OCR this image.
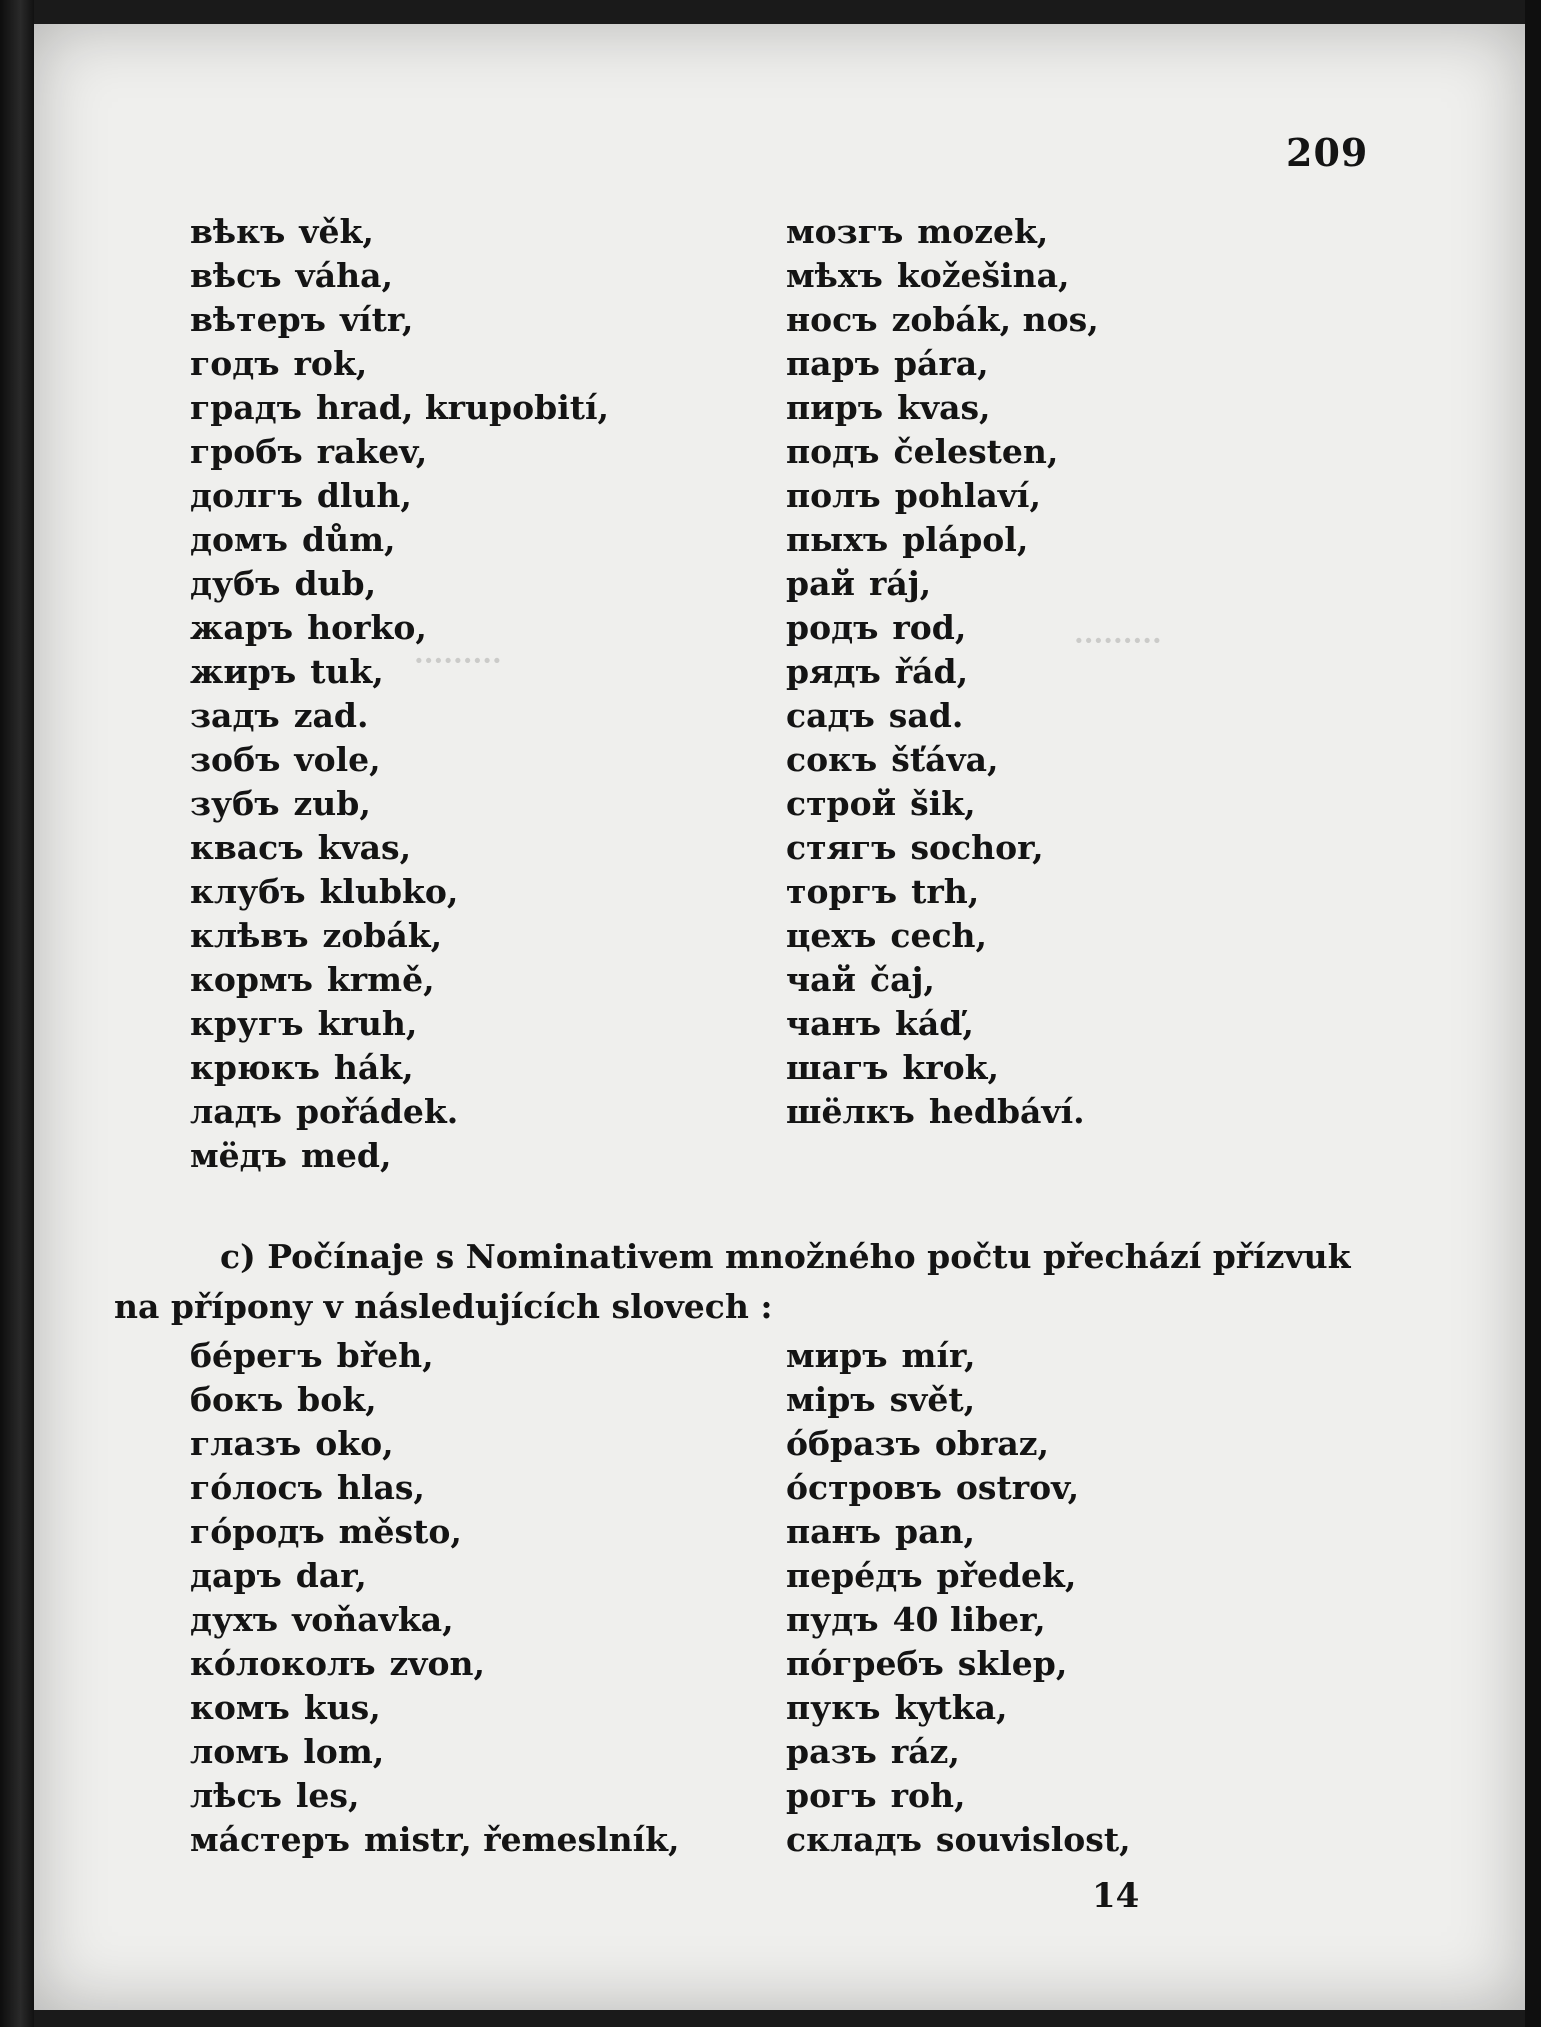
·········
·········
209
вѣкъ věk,
вѣсъ váha,
вѣтеръ vítr,
годъ rok,
градъ hrad, krupobití,
гробъ rakev,
долгъ dluh,
домъ dům,
дубъ dub,
жаръ horko,
жиръ tuk,
задъ zad.
зобъ vole,
зубъ zub,
квасъ kvas,
клубъ klubko,
клѣвъ zobák,
кормъ krmě,
кругъ kruh,
крюкъ hák,
ладъ pořádek.
мёдъ med,
мозгъ mozek,
мѣхъ kožešina,
носъ zobák, nos,
паръ pára,
пиръ kvas,
подъ čelesten,
полъ pohlaví,
пыхъ plápol,
рай ráj,
родъ rod,
рядъ řád,
садъ sad.
сокъ šťáva,
строй šik,
стягъ sochor,
торгъ trh,
цехъ cech,
чай čaj,
чанъ káď,
шагъ krok,
шёлкъ hedbáví.
c) Počínaje s Nominativem množného počtu přechází přízvuk
na přípony v následujících slovech :
бéрегъ břeh,
бокъ bok,
глазъ oko,
гóлосъ hlas,
гóродъ město,
даръ dar,
духъ voňavka,
кóлоколъ zvon,
комъ kus,
ломъ lom,
лѣсъ les,
мáстеръ mistr, řemeslník,
миръ mír,
міръ svět,
óбразъ obraz,
óстровъ ostrov,
панъ pan,
перéдъ předek,
пудъ 40 liber,
пóгребъ sklep,
пукъ kytka,
разъ ráz,
рогъ roh,
складъ souvislost,
14
